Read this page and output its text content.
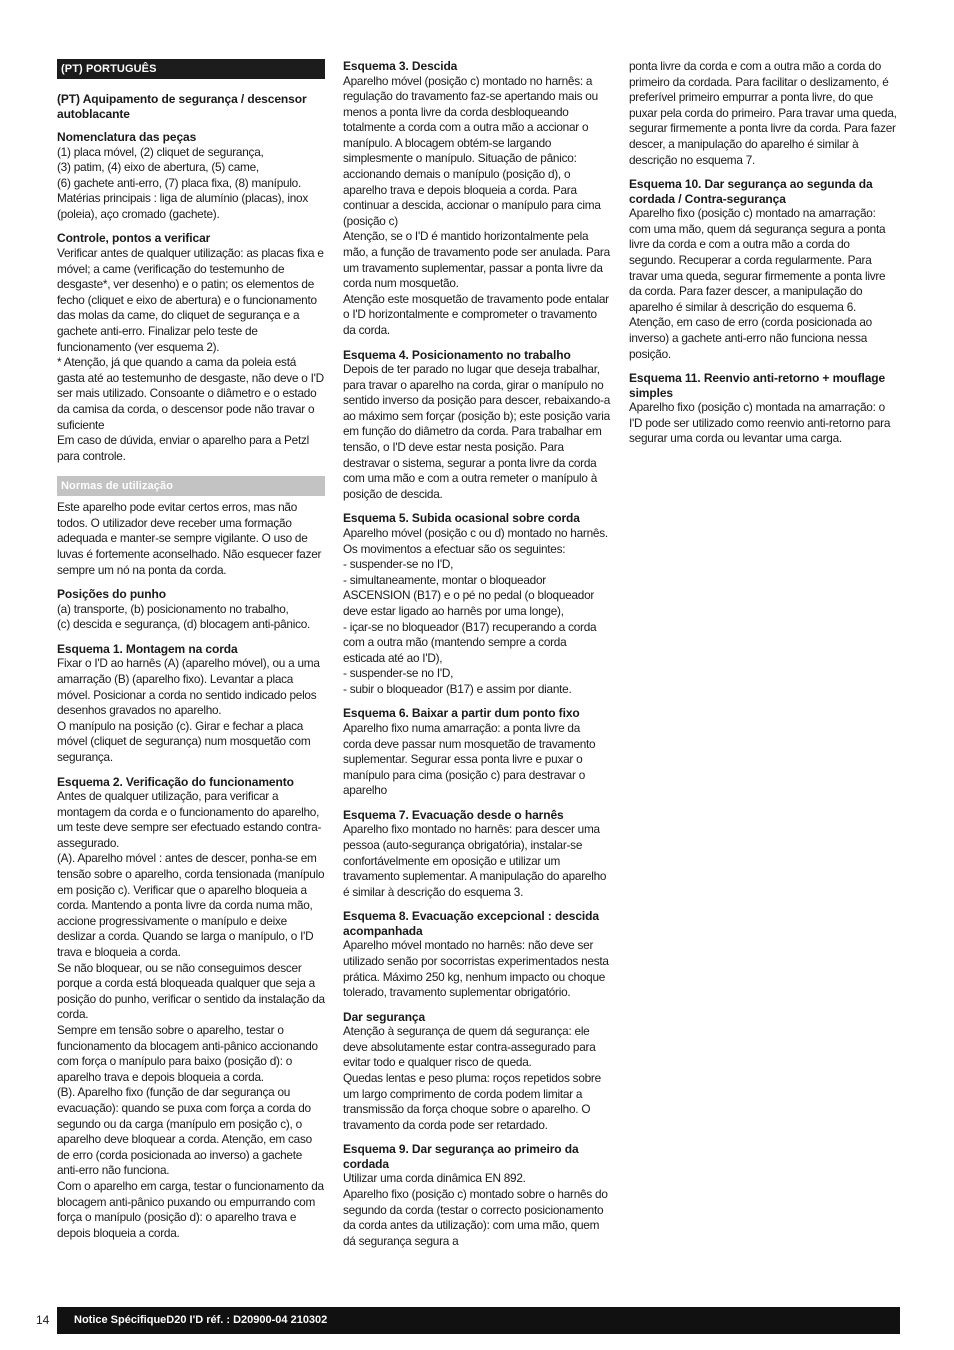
(PT) PORTUGUÊS
(PT) Aquipamento de segurança / descensor autoblacante
Nomenclatura das peças
(1) placa móvel, (2) cliquet de segurança,
(3) patim, (4) eixo de abertura, (5) came,
(6) gachete anti-erro, (7) placa fixa, (8) manípulo.
Matérias principais : liga de alumínio (placas), inox (poleia), aço cromado (gachete).
Controle, pontos a verificar
Verificar antes de qualquer utilização: as placas fixa e móvel; a came (verificação do testemunho de desgaste*, ver desenho) e o patin; os elementos de fecho (cliquet e eixo de abertura) e o funcionamento das molas da came, do cliquet de segurança e a gachete anti-erro. Finalizar pelo teste de funcionamento (ver esquema 2).
* Atenção, já que quando a cama da poleia está gasta até ao testemunho de desgaste, não deve o I'D ser mais utilizado. Consoante o diâmetro e o estado da camisa da corda, o descensor pode não travar o suficiente
Em caso de dúvida, enviar o aparelho para a Petzl para controle.
Normas de utilização
Este aparelho pode evitar certos erros, mas não todos. O utilizador deve receber uma formação adequada e manter-se sempre vigilante. O uso de luvas é fortemente aconselhado. Não esquecer fazer sempre um nó na ponta da corda.
Posições do punho
(a) transporte, (b) posicionamento no trabalho,
(c) descida e segurança, (d) blocagem anti-pânico.
Esquema 1. Montagem na corda
Fixar o I'D ao harnês (A) (aparelho móvel), ou a uma amarração (B) (aparelho fixo). Levantar a placa móvel. Posicionar a corda no sentido indicado pelos desenhos gravados no aparelho.
O manípulo na posição (c). Girar e fechar a placa móvel (cliquet de segurança) num mosquetão com segurança.
Esquema 2. Verificação do funcionamento
Antes de qualquer utilização, para verificar a montagem da corda e o funcionamento do aparelho, um teste deve sempre ser efectuado estando contra-assegurado.
(A). Aparelho móvel : antes de descer, ponha-se em tensão sobre o aparelho, corda tensionada (manípulo em posição c). Verificar que o aparelho bloqueia a corda. Mantendo a ponta livre da corda numa mão, accione progressivamente o manípulo e deixe deslizar a corda. Quando se larga o manípulo, o I'D trava e bloqueia a corda.
Se não bloquear, ou se não conseguimos descer porque a corda está bloqueada qualquer que seja a posição do punho, verificar o sentido da instalação da corda.
Sempre em tensão sobre o aparelho, testar o funcionamento da blocagem anti-pânico accionando com força o manípulo para baixo (posição d): o aparelho trava e depois bloqueia a corda.
(B). Aparelho fixo (função de dar segurança ou evacuação): quando se puxa com força a corda do segundo ou da carga (manípulo em posição c), o aparelho deve bloquear a corda. Atenção, em caso de erro (corda posicionada ao inverso) a gachete anti-erro não funciona.
Com o aparelho em carga, testar o funcionamento da blocagem anti-pânico puxando ou empurrando com força o manípulo (posição d): o aparelho trava e depois bloqueia a corda.
Esquema 3. Descida
Aparelho móvel (posição c) montado no harnês: a regulação do travamento faz-se apertando mais ou menos a ponta livre da corda desbloqueando totalmente a corda com a outra mão a accionar o manípulo. A blocagem obtém-se largando simplesmente o manípulo. Situação de pânico: accionando demais o manípulo (posição d), o aparelho trava e depois bloqueia a corda. Para continuar a descida, accionar o manípulo para cima (posição c)
Atenção, se o I'D é mantido horizontalmente pela mão, a função de travamento pode ser anulada. Para um travamento suplementar, passar a ponta livre da corda num mosquetão.
Atenção este mosquetão de travamento pode entalar o I'D horizontalmente e comprometer o travamento da corda.
Esquema 4. Posicionamento no trabalho
Depois de ter parado no lugar que deseja trabalhar, para travar o aparelho na corda, girar o manípulo no sentido inverso da posição para descer, rebaixando-a ao máximo sem forçar (posição b); este posição varia em função do diâmetro da corda. Para trabalhar em tensão, o I'D deve estar nesta posição. Para destravar o sistema, segurar a ponta livre da corda com uma mão e com a outra remeter o manípulo à posição de descida.
Esquema 5. Subida ocasional sobre corda
Aparelho móvel (posição c ou d) montado no harnês.
Os movimentos a efectuar são os seguintes:
- suspender-se no I'D,
- simultaneamente, montar o bloqueador ASCENSION (B17) e o pé no pedal (o bloqueador deve estar ligado ao harnês por uma longe),
- içar-se no bloqueador (B17) recuperando a corda com a outra mão (mantendo sempre a corda esticada até ao I'D),
- suspender-se no I'D,
- subir o bloqueador (B17) e assim por diante.
Esquema 6. Baixar a partir dum ponto fixo
Aparelho fixo numa amarração: a ponta livre da corda deve passar num mosquetão de travamento suplementar. Segurar essa ponta livre e puxar o manípulo para cima (posição c) para destravar o aparelho
Esquema 7. Evacuação desde o harnês
Aparelho fixo montado no harnês: para descer uma pessoa (auto-segurança obrigatória), instalar-se confortávelmente em oposição e utilizar um travamento suplementar. A manipulação do aparelho é similar à descrição do esquema 3.
Esquema 8. Evacuação excepcional : descida acompanhada
Aparelho móvel montado no harnês: não deve ser utilizado senão por socorristas experimentados nesta prática. Máximo 250 kg, nenhum impacto ou choque tolerado, travamento suplementar obrigatório.
Dar segurança
Atenção à segurança de quem dá segurança: ele deve absolutamente estar contra-assegurado para evitar todo e qualquer risco de queda.
Quedas lentas e peso pluma: roços repetidos sobre um largo comprimento de corda podem limitar a transmissão da força choque sobre o aparelho. O travamento da corda pode ser retardado.
Esquema 9. Dar segurança ao primeiro da cordada
Utilizar uma corda dinâmica EN 892.
Aparelho fixo (posição c) montado sobre o harnês do segundo da corda (testar o correcto posicionamento da corda antes da utilização): com uma mão, quem dá segurança segura a
ponta livre da corda e com a outra mão a corda do primeiro da cordada. Para facilitar o deslizamento, é preferível primeiro empurrar a ponta livre, do que puxar pela corda do primeiro. Para travar uma queda, segurar firmemente a ponta livre da corda. Para fazer descer, a manipulação do aparelho é similar à descrição no esquema 7.
Esquema 10. Dar segurança ao segunda da cordada / Contra-segurança
Aparelho fixo (posição c) montado na amarração: com uma mão, quem dá segurança segura a ponta livre da corda e com a outra mão a corda do segundo. Recuperar a corda regularmente. Para travar uma queda, segurar firmemente a ponta livre da corda. Para fazer descer, a manipulação do aparelho é similar à descrição do esquema 6.
Atenção, em caso de erro (corda posicionada ao inverso) a gachete anti-erro não funciona nessa posição.
Esquema 11. Reenvio anti-retorno + mouflage simples
Aparelho fixo (posição c) montada na amarração: o I'D pode ser utilizado como reenvio anti-retorno para segurar uma corda ou levantar uma carga.
14	Notice SpécifiqueD20 I'D réf. : D20900-04 210302
